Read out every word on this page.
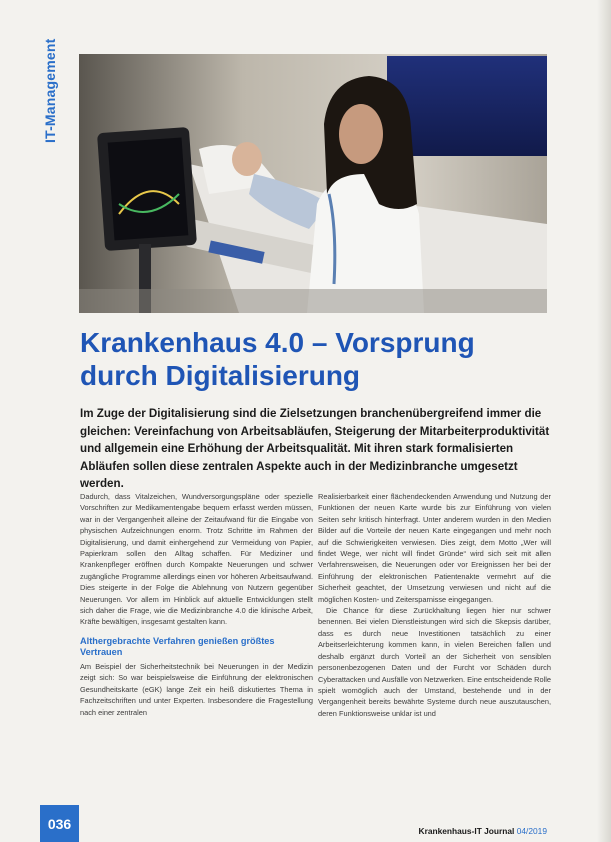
IT-Management
Krankenhaus 4.0 – Vorsprung durch Digitalisierung

Im Zuge der Digitalisierung sind die Zielsetzungen branchenübergreifend immer die gleichen: Vereinfachung von Arbeitsabläufen, Steigerung der Mitarbeiterproduktivität und allgemein eine Erhöhung der Arbeitsqualität. Mit ihren stark formalisierten Abläufen sollen diese zentralen Aspekte auch in der Medizinbranche umgesetzt werden.

Dadurch, dass Vitalzeichen, Wundversorgungspläne oder spezielle Vorschriften zur Medikamentengabe bequem erfasst werden müssen, war in der Vergangenheit alleine der Zeitaufwand für die Eingabe von physischen Aufzeichnungen enorm. Trotz Schritte im Rahmen der Digitalisierung, und damit einhergehend zur Vermeidung von Papier, Papierkram sollen den Alltag schaffen. Für Mediziner und Krankenpfleger eröffnen durch Kompakte Neuerungen und schwer zugängliche Programme allerdings einen vor höheren Arbeitsaufwand. Dies steigerte in der Folge die Ablehnung von Nutzern gegenüber Neuerungen. Vor allem im Hinblick auf aktuelle Entwicklungen stellt sich daher die Frage, wie die Medizinbranche 4.0 die klinische Arbeit, Kräfte bewältigen, insgesamt gestalten kann.

Althergebrachte Verfahren genießen größtes Vertrauen

Am Beispiel der Sicherheitstechnik bei Neuerungen in der Medizin zeigt sich: So war beispielsweise die Einführung der elektronischen Gesundheitskarte (eGK) lange Zeit ein heiß diskutiertes Thema in Fachzeitschriften und unter Experten. Insbesondere die Fragestellung nach einer zentralen

Realisierbarkeit einer flächendeckenden Anwendung und Nutzung der Funktionen der neuen Karte wurde bis zur Einführung von vielen Seiten sehr kritisch hinterfragt. Unter anderem wurden in den Medien Bilder auf die Vorteile der neuen Karte eingegangen und mehr noch auf die Schwierigkeiten verwiesen. Dies zeigt, dem Motto „Wer will findet Wege, wer nicht will findet Gründe“ wird sich seit mit allen Verfahrensweisen, die Neuerungen oder vor Ereignissen her bei der Einführung der elektronischen Patientenakte vermehrt auf die Sicherheit geachtet, der Umsetzung verwiesen und nicht auf die möglichen Kosten- und Zeitersparnisse eingegangen.

Die Chance für diese Zurückhaltung liegen hier nur schwer benennen. Bei vielen Dienstleistungen wird sich die Skepsis darüber, dass es durch neue Investitionen tatsächlich zu einer Arbeitserleichterung kommen kann, in vielen Bereichen fallen und deshalb ergänzt durch Vorteil an der Sicherheit von sensiblen personenbezogenen Daten und der Furcht vor Schäden durch Cyberattacken und Ausfälle von Netzwerken. Eine entscheidende Rolle spielt womöglich auch der Umstand, bestehende und in der Vergangenheit bereits bewährte Systeme durch neue auszutauschen, deren Funktionsweise unklar ist und

036	Krankenhaus-IT Journal 04/2019
